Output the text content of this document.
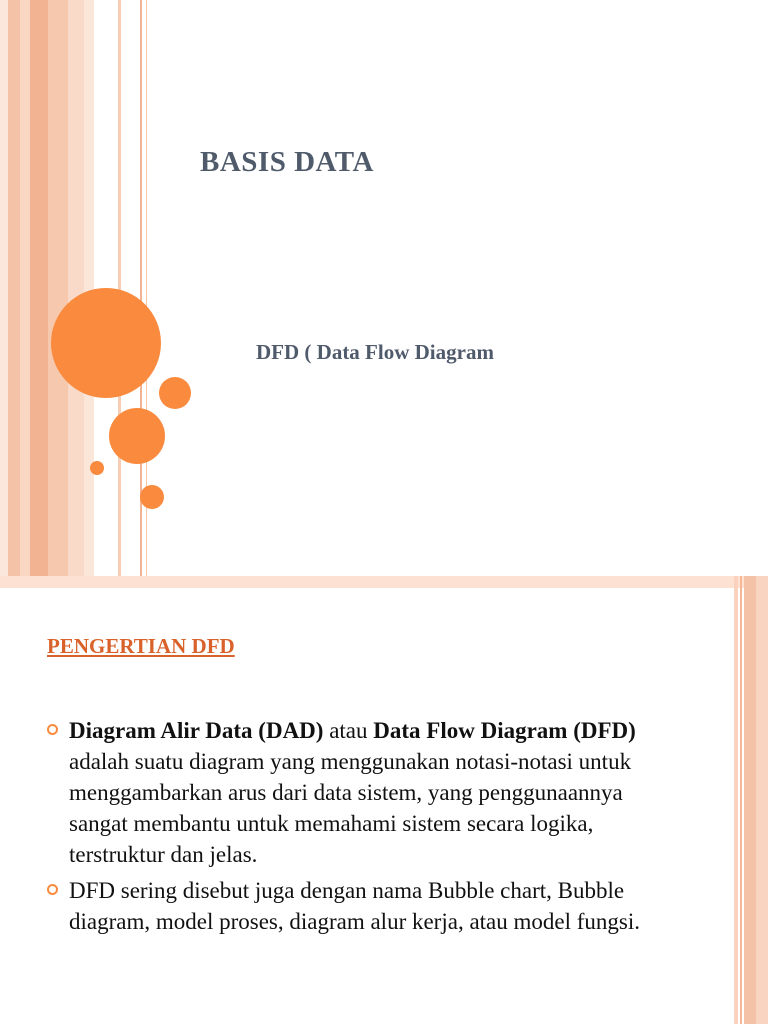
BASIS DATA
DFD ( Data Flow Diagram
PENGERTIAN DFD
Diagram Alir Data (DAD) atau Data Flow Diagram (DFD) adalah suatu diagram yang menggunakan notasi-notasi untuk menggambarkan arus dari data sistem, yang penggunaannya sangat membantu untuk memahami sistem secara logika, terstruktur dan jelas.
DFD sering disebut juga dengan nama Bubble chart, Bubble diagram, model proses, diagram alur kerja, atau model fungsi.
